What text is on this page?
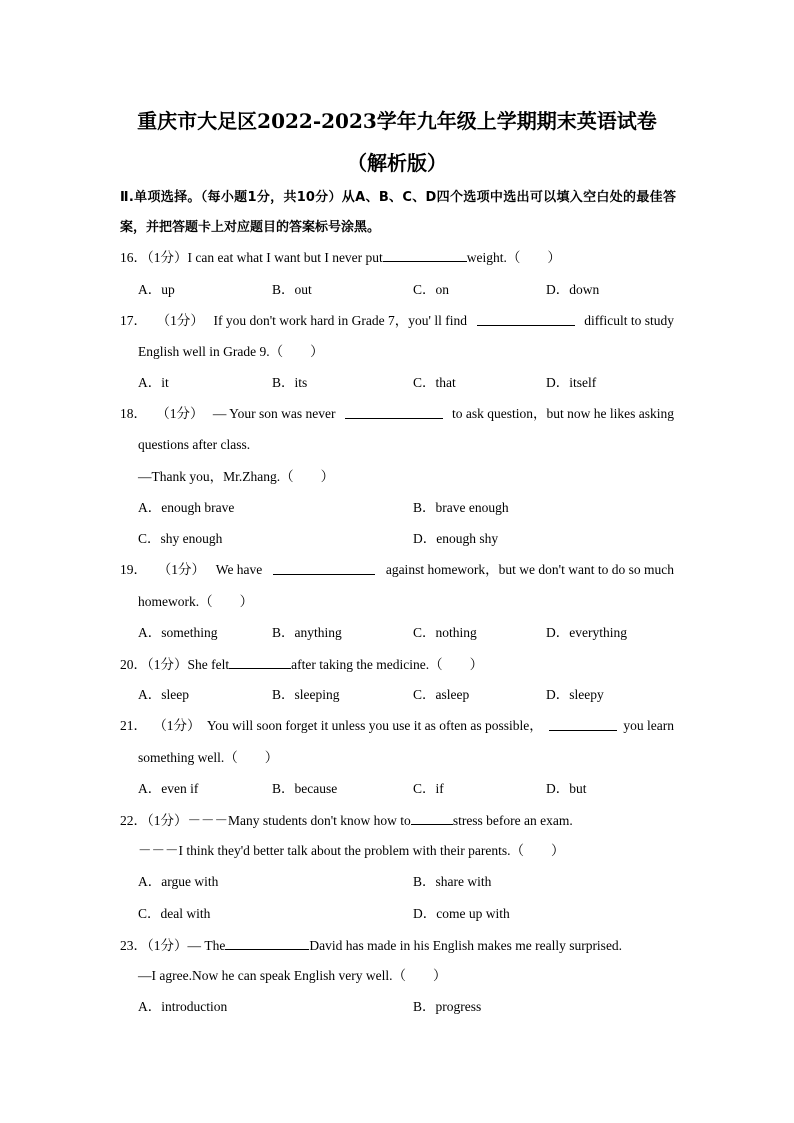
重庆市大足区2022-2023学年九年级上学期期末英语试卷（解析版）
Ⅱ.单项选择。（每小题1分，共10分）从A、B、C、D四个选项中选出可以填入空白处的最佳答案，并把答题卡上对应题目的答案标号涂黑。
16．（1分）I can eat what I want but I never put	weight.（　　）
A．up	B．out	C．on	D．down
17． （1分） If you don't work hard in Grade 7，you' ll find	difficult to study
English well in Grade 9.（　　）
A．it	B．its	C．that	D．itself
18． （1分） — Your son was never	to ask question，but now he likes asking
questions after class.
—Thank you，Mr.Zhang.（　　）
A．enough brave	B．brave enough
C．shy enough	D．enough shy
19． （1分） We have	against homework，but we don't want to do so much
homework.（　　）
A．something	B．anything	C．nothing	D．everything
20．（1分）She felt	after taking the medicine.（　　）
A．sleep	B．sleeping	C．asleep	D．sleepy
21． （1分） You will soon forget it unless you use it as often as possible，	you learn
something well.（　　）
A．even if	B．because	C．if	D．but
22．（1分）－－－Many students don't know how to	stress before an exam.
－－－I think they'd better talk about the problem with their parents.（　　）
A．argue with	B．share with
C．deal with	D．come up with
23．（1分）— The	David has made in his English makes me really surprised.
—I agree.Now he can speak English very well.（　　）
A．introduction	B．progress
